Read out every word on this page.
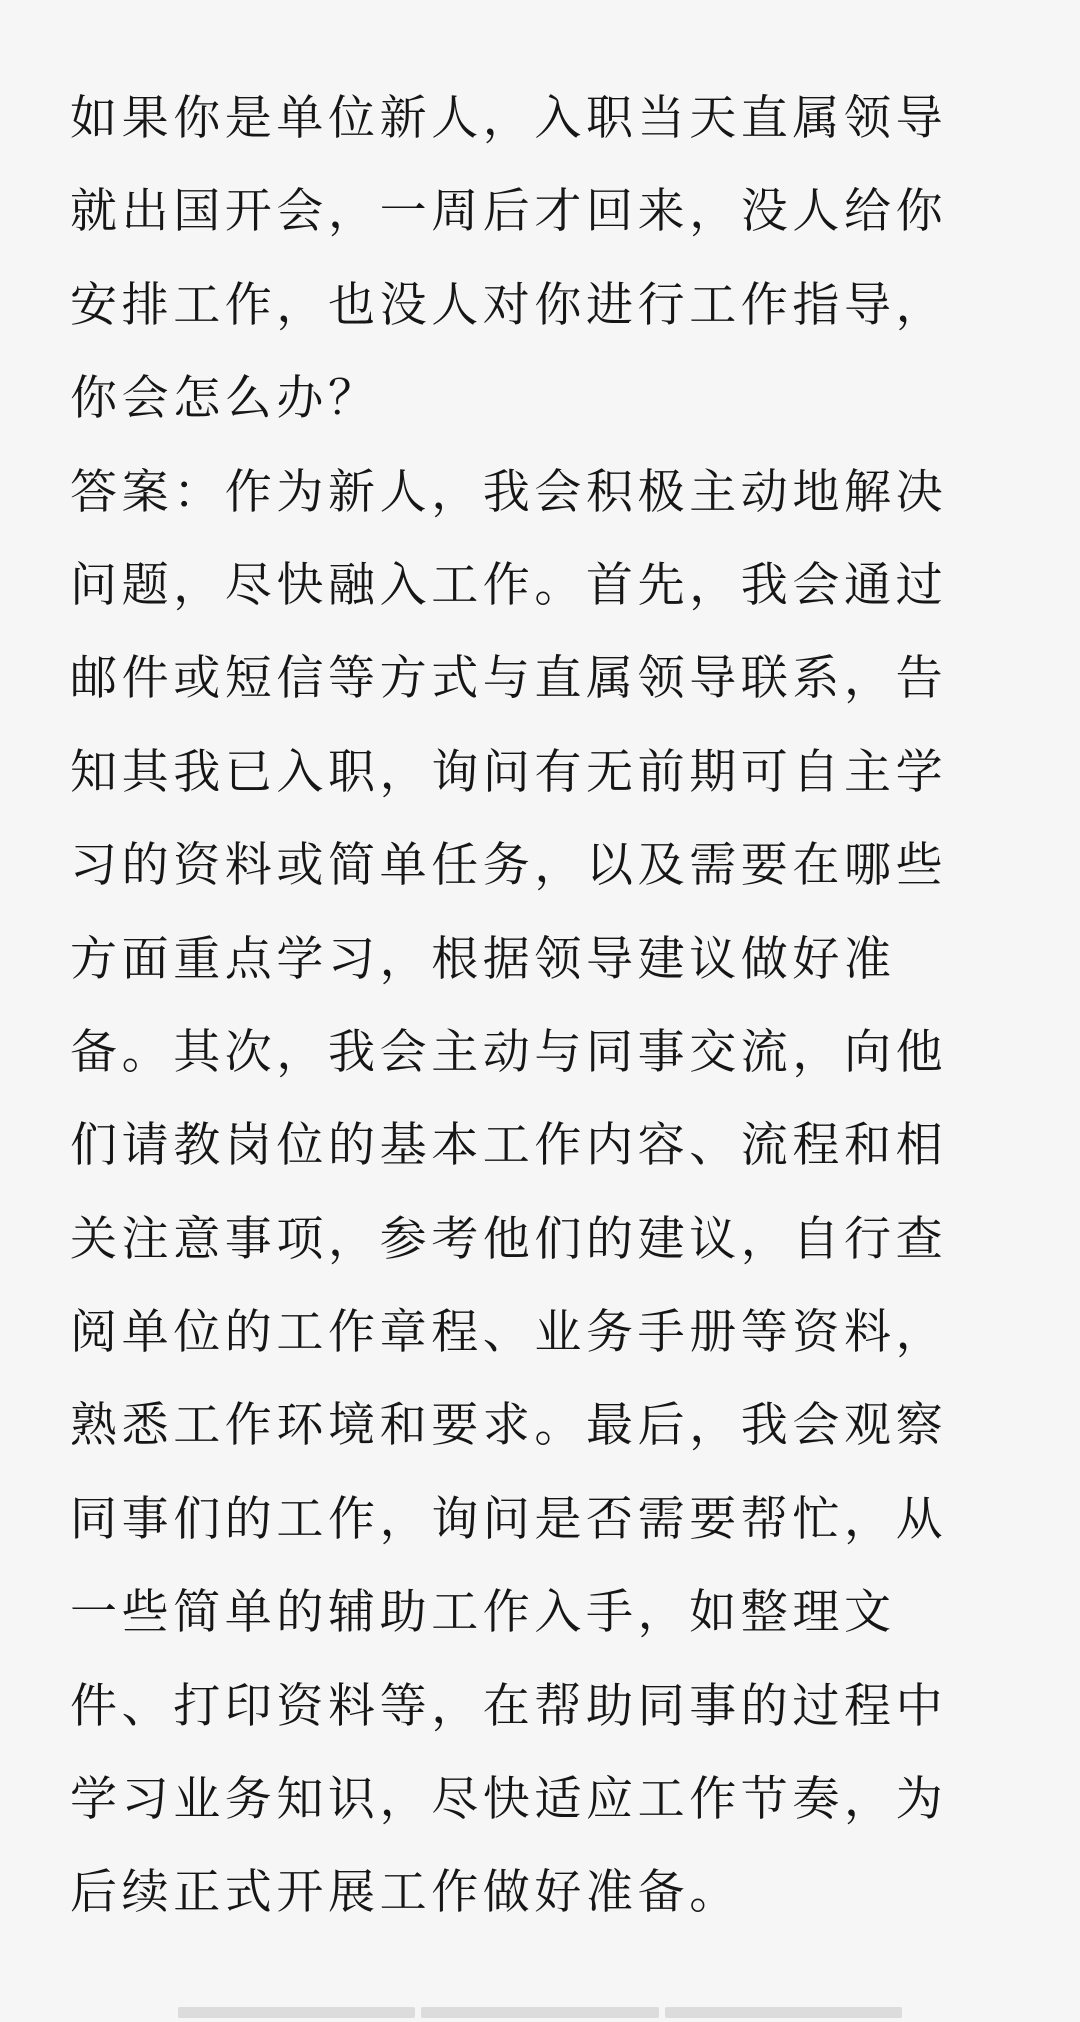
如果你是单位新人，入职当天直属领导
就出国开会，一周后才回来，没人给你
安排工作，也没人对你进行工作指导，
你会怎么办？
答案：作为新人，我会积极主动地解决
问题，尽快融入工作。首先，我会通过
邮件或短信等方式与直属领导联系，告
知其我已入职，询问有无前期可自主学
习的资料或简单任务，以及需要在哪些
方面重点学习，根据领导建议做好准
备。其次，我会主动与同事交流，向他
们请教岗位的基本工作内容、流程和相
关注意事项，参考他们的建议，自行查
阅单位的工作章程、业务手册等资料，
熟悉工作环境和要求。最后，我会观察
同事们的工作，询问是否需要帮忙，从
一些简单的辅助工作入手，如整理文
件、打印资料等，在帮助同事的过程中
学习业务知识，尽快适应工作节奏，为
后续正式开展工作做好准备。
